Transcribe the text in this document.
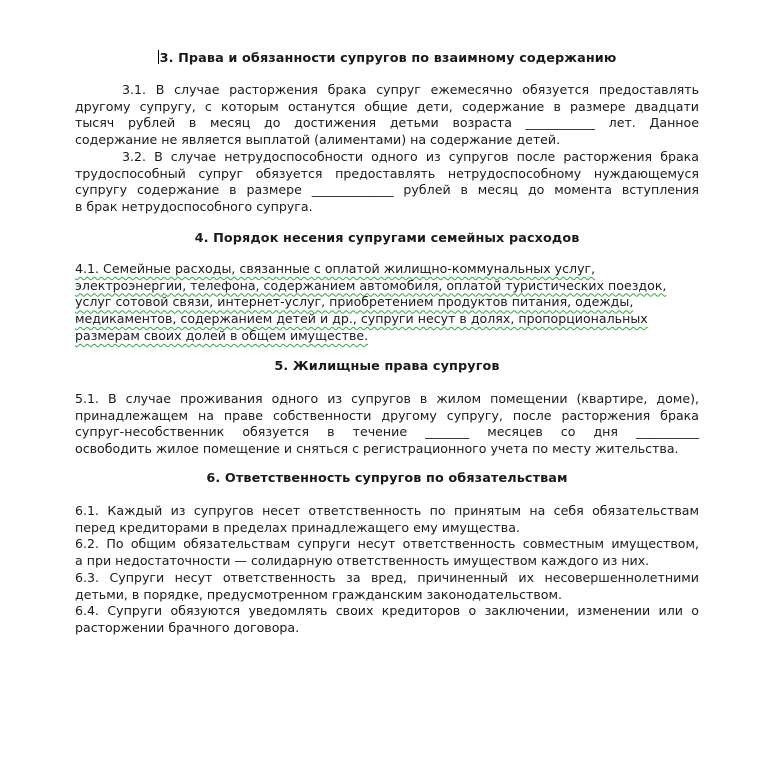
3. Права и обязанности супругов по взаимному содержанию
3.1. В случае расторжения брака супруг ежемесячно обязуется предоставлять
другому супругу, с которым останутся общие дети, содержание в размере двадцати
тысяч рублей в месяц до достижения детьми возраста ___________ лет. Данное
содержание не является выплатой (алиментами) на содержание детей.
3.2. В случае нетрудоспособности одного из супругов после расторжения брака
трудоспособный супруг обязуется предоставлять нетрудоспособному нуждающемуся
супругу содержание в размере _____________ рублей в месяц до момента вступления
в брак нетрудоспособного супруга.
4. Порядок несения супругами семейных расходов
4.1. Семейные расходы, связанные с оплатой жилищно-коммунальных услуг,
электроэнергии, телефона, содержанием автомобиля, оплатой туристических поездок,
услуг сотовой связи, интернет-услуг, приобретением продуктов питания, одежды,
медикаментов, содержанием детей и др., супруги несут в долях, пропорциональных
размерам своих долей в общем имуществе.
5. Жилищные права супругов
5.1. В случае проживания одного из супругов в жилом помещении (квартире, доме),
принадлежащем на праве собственности другому супругу, после расторжения брака
супруг-несобственник обязуется в течение _______ месяцев со дня __________
освободить жилое помещение и сняться с регистрационного учета по месту жительства.
6. Ответственность супругов по обязательствам
6.1. Каждый из супругов несет ответственность по принятым на себя обязательствам
перед кредиторами в пределах принадлежащего ему имущества.
6.2. По общим обязательствам супруги несут ответственность совместным имуществом,
а при недостаточности — солидарную ответственность имуществом каждого из них.
6.3. Супруги несут ответственность за вред, причиненный их несовершеннолетними
детьми, в порядке, предусмотренном гражданским законодательством.
6.4. Супруги обязуются уведомлять своих кредиторов о заключении, изменении или о
расторжении брачного договора.
